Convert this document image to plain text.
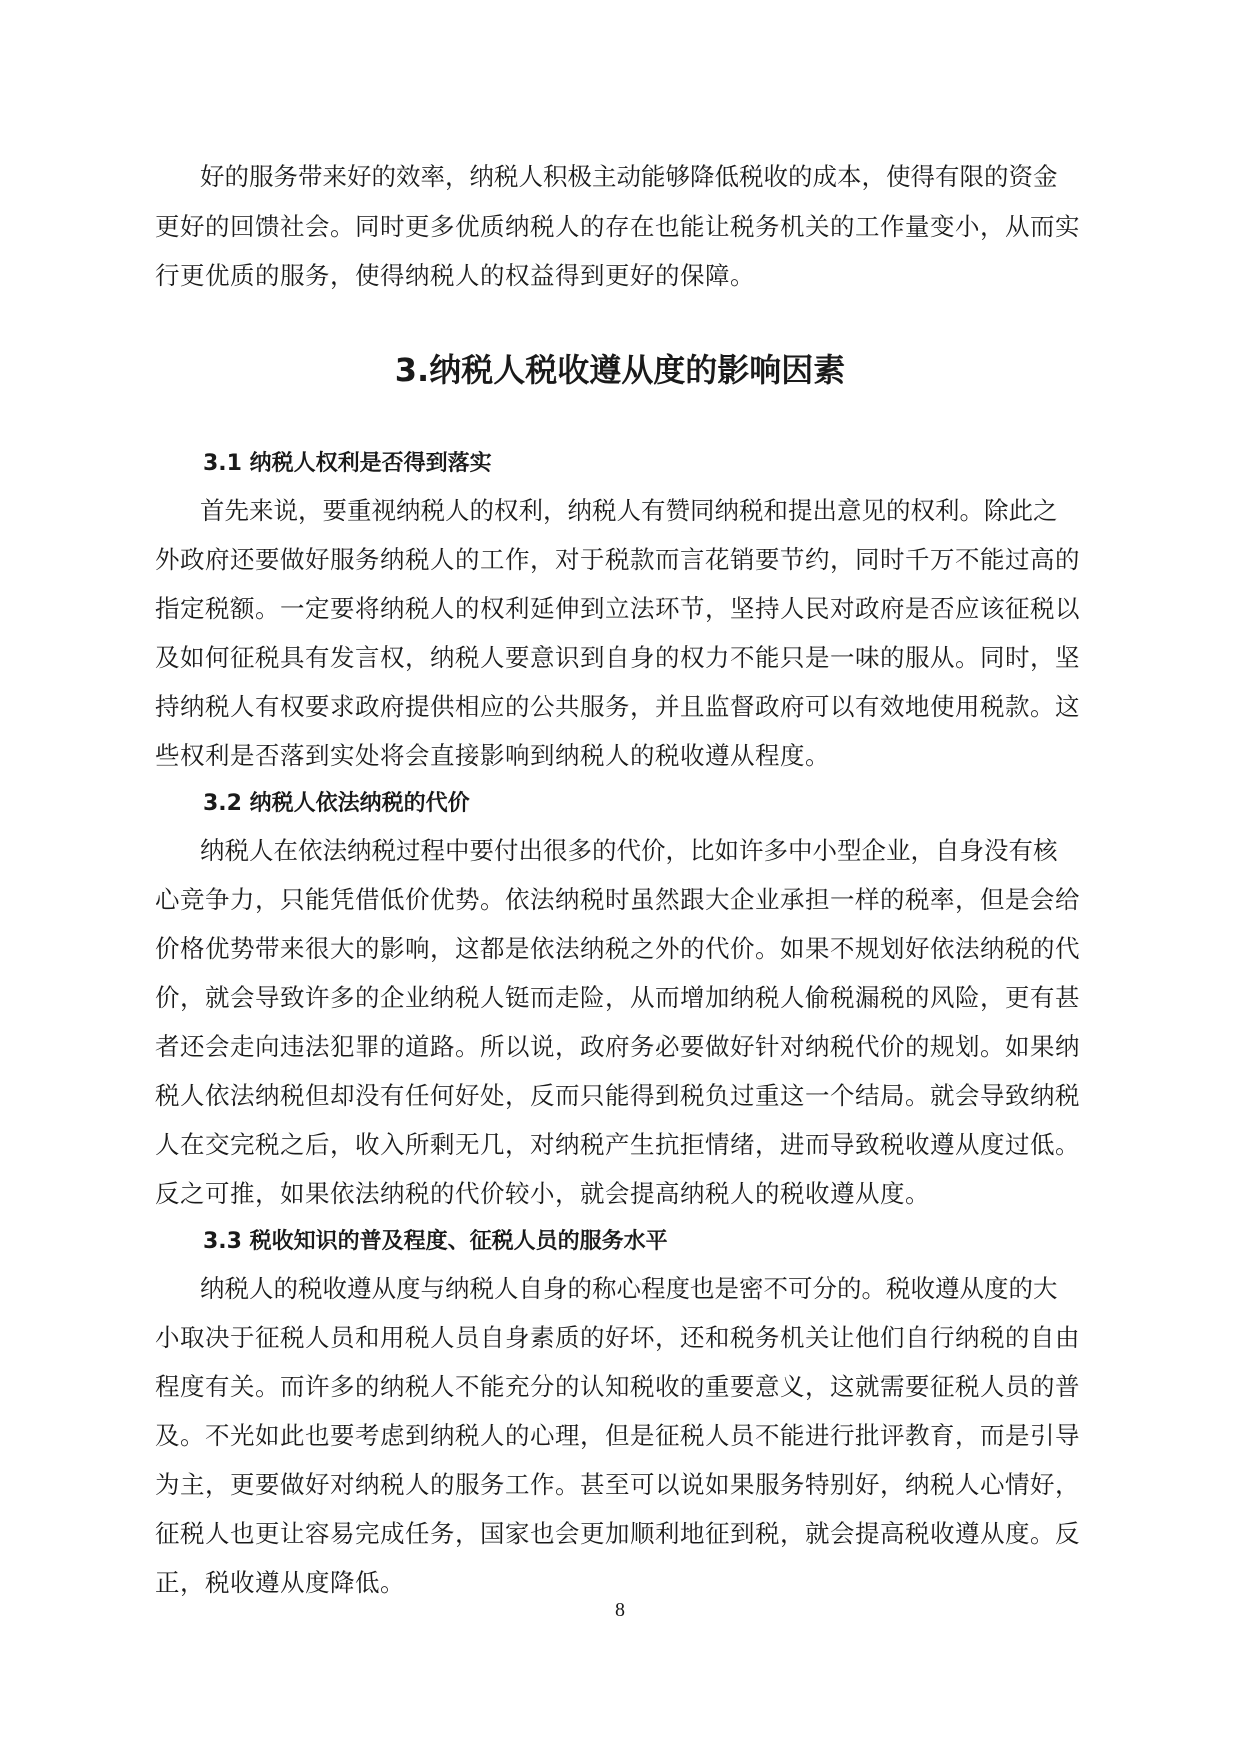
好的服务带来好的效率，纳税人积极主动能够降低税收的成本，使得有限的资金

更好的回馈社会。同时更多优质纳税人的存在也能让税务机关的工作量变小，从而实

行更优质的服务，使得纳税人的权益得到更好的保障。

3.纳税人税收遵从度的影响因素
3.1 纳税人权利是否得到落实

首先来说，要重视纳税人的权利，纳税人有赞同纳税和提出意见的权利。除此之

外政府还要做好服务纳税人的工作，对于税款而言花销要节约，同时千万不能过高的

指定税额。一定要将纳税人的权利延伸到立法环节，坚持人民对政府是否应该征税以

及如何征税具有发言权，纳税人要意识到自身的权力不能只是一味的服从。同时，坚

持纳税人有权要求政府提供相应的公共服务，并且监督政府可以有效地使用税款。这

些权利是否落到实处将会直接影响到纳税人的税收遵从程度。

3.2 纳税人依法纳税的代价

纳税人在依法纳税过程中要付出很多的代价，比如许多中小型企业，自身没有核

心竞争力，只能凭借低价优势。依法纳税时虽然跟大企业承担一样的税率，但是会给

价格优势带来很大的影响，这都是依法纳税之外的代价。如果不规划好依法纳税的代

价，就会导致许多的企业纳税人铤而走险，从而增加纳税人偷税漏税的风险，更有甚

者还会走向违法犯罪的道路。所以说，政府务必要做好针对纳税代价的规划。如果纳

税人依法纳税但却没有任何好处，反而只能得到税负过重这一个结局。就会导致纳税

人在交完税之后，收入所剩无几，对纳税产生抗拒情绪，进而导致税收遵从度过低。

反之可推，如果依法纳税的代价较小，就会提高纳税人的税收遵从度。

3.3 税收知识的普及程度、征税人员的服务水平

纳税人的税收遵从度与纳税人自身的称心程度也是密不可分的。税收遵从度的大

小取决于征税人员和用税人员自身素质的好坏，还和税务机关让他们自行纳税的自由

程度有关。而许多的纳税人不能充分的认知税收的重要意义，这就需要征税人员的普

及。不光如此也要考虑到纳税人的心理，但是征税人员不能进行批评教育，而是引导

为主，更要做好对纳税人的服务工作。甚至可以说如果服务特别好，纳税人心情好，

征税人也更让容易完成任务，国家也会更加顺利地征到税，就会提高税收遵从度。反

正，税收遵从度降低。

8
